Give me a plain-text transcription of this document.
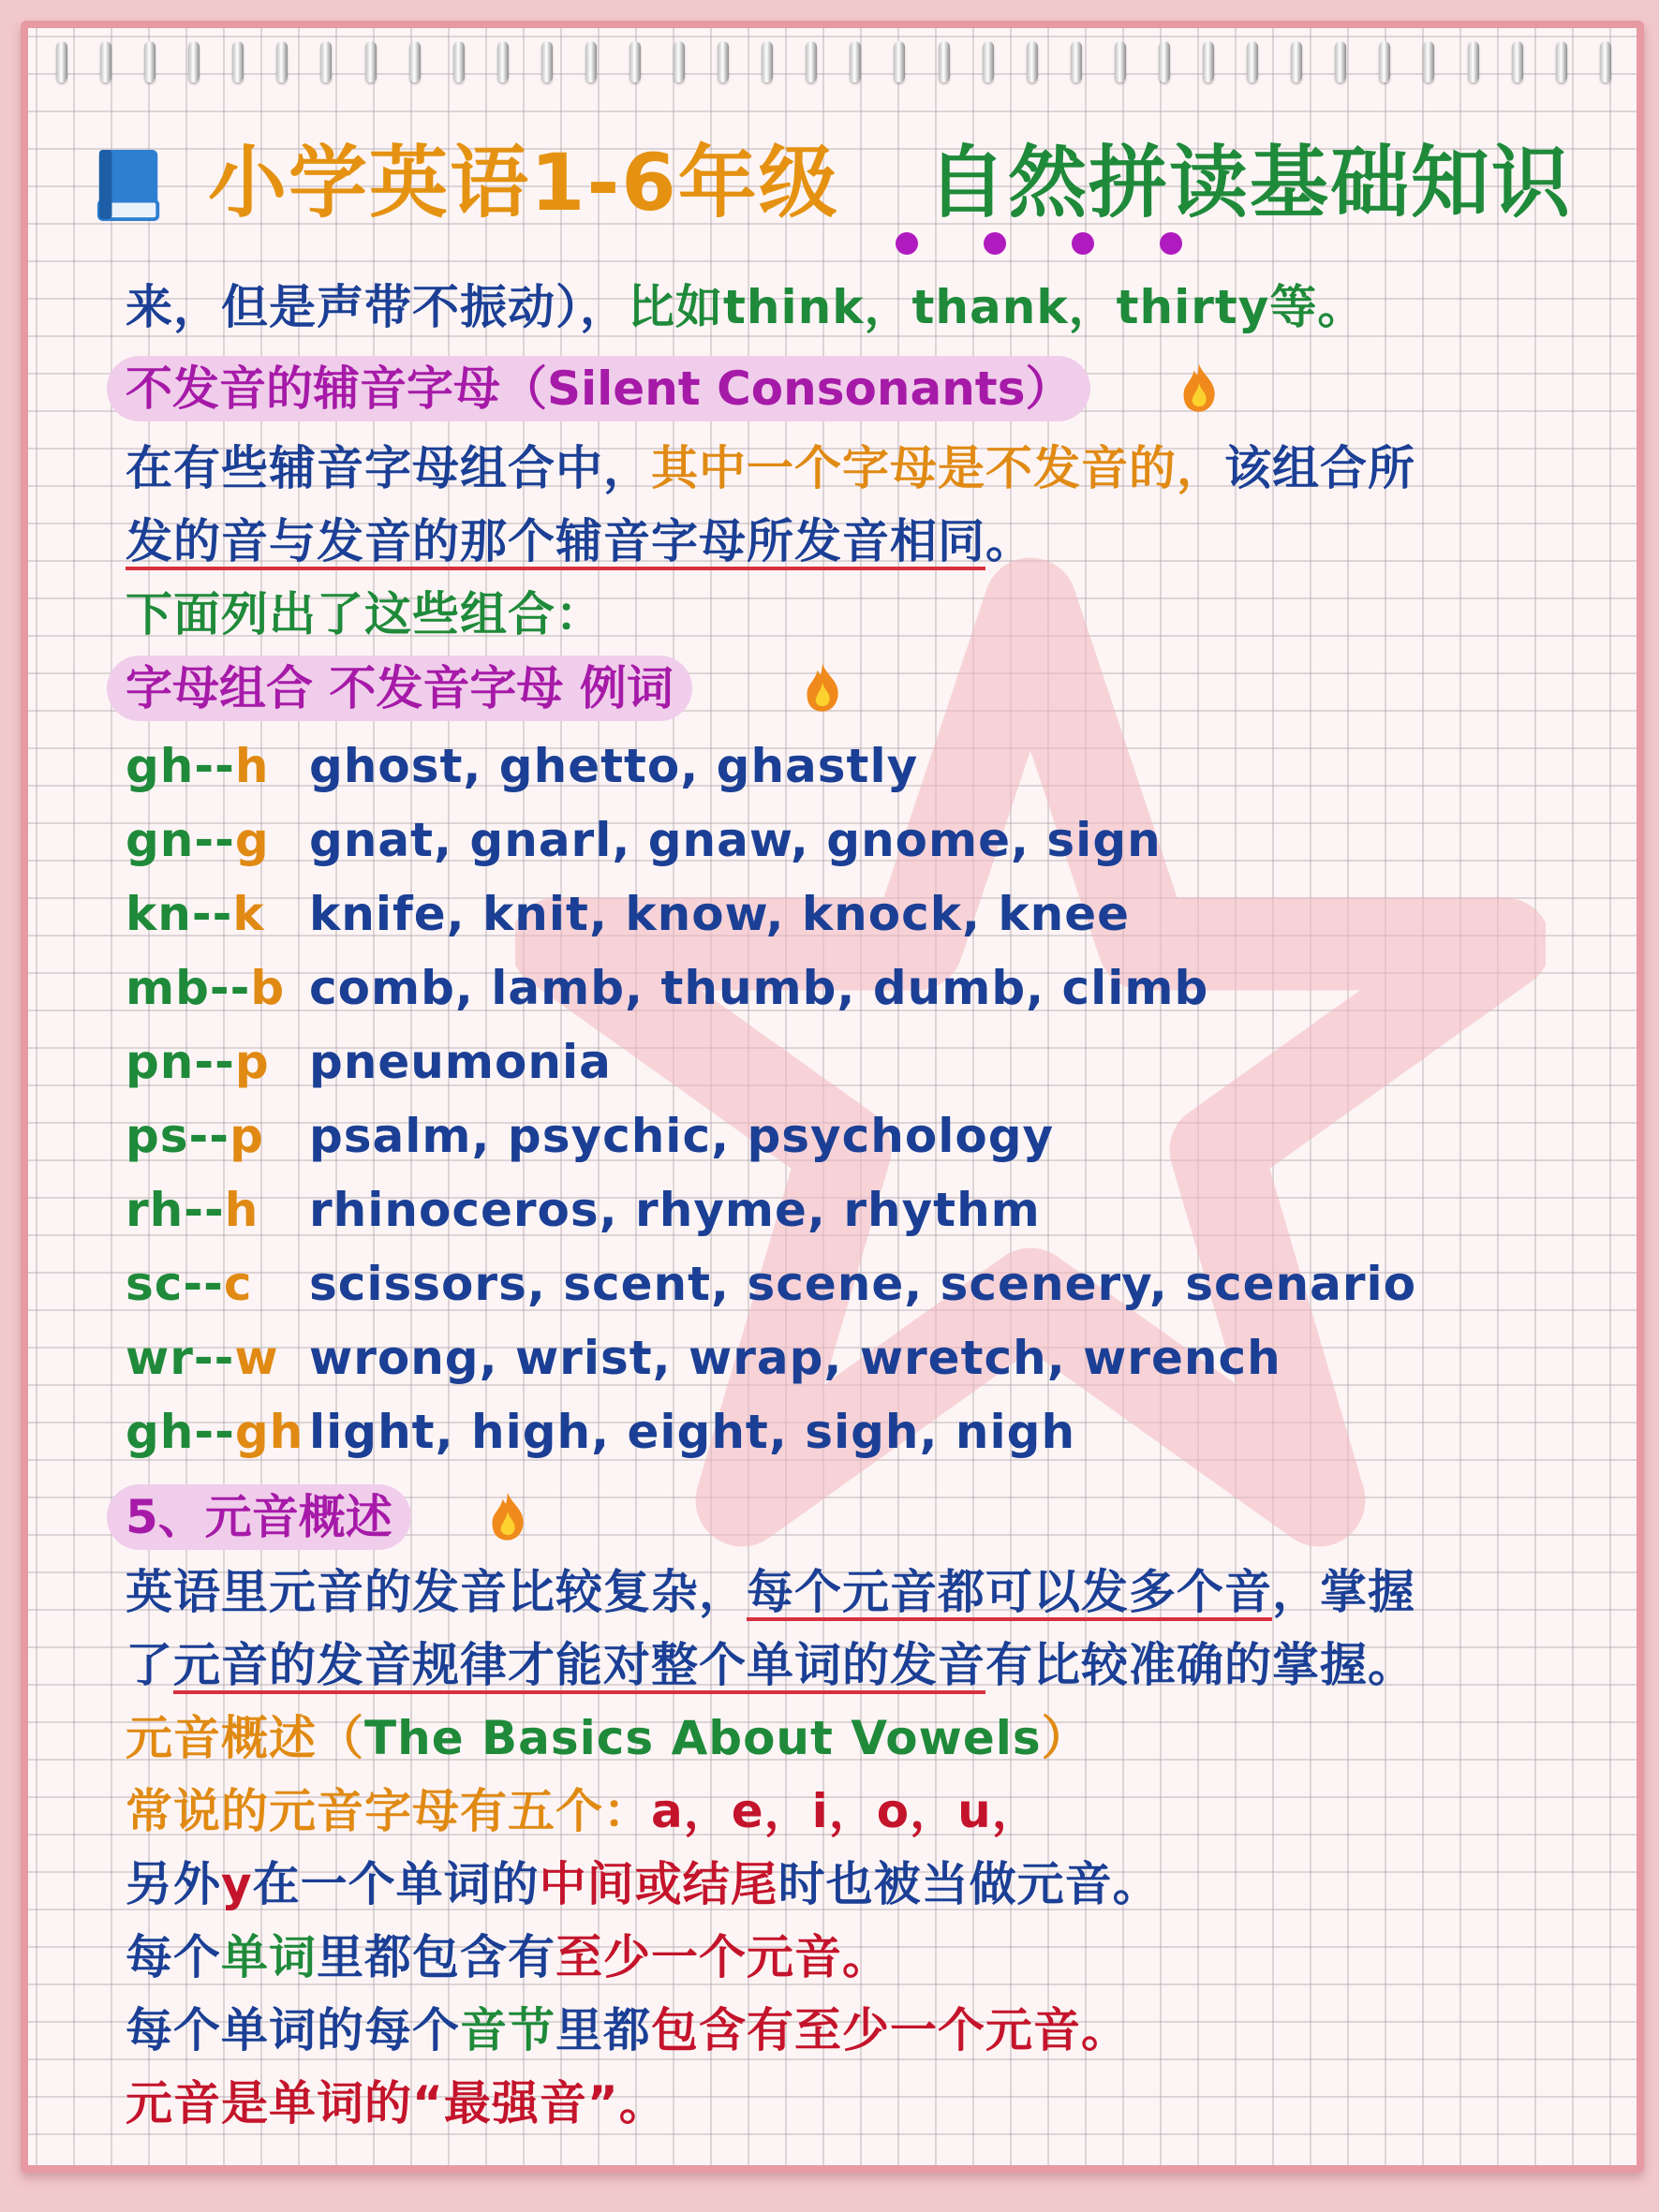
小学英语1-6年级 自然拼读基础知识
来，但是声带不振动），比如think，thank，thirty等。
不发音的辅音字母（Silent Consonants）
在有些辅音字母组合中，其中一个字母是不发音的，该组合所
发的音与发音的那个辅音字母所发音相同。
下面列出了这些组合：
字母组合 不发音字母 例词
gh--h ghost, ghetto, ghastly
gn--g gnat, gnarl, gnaw, gnome, sign
kn--k knife, knit, know, knock, knee
mb--b comb, lamb, thumb, dumb, climb
pn--p pneumonia
ps--p psalm, psychic, psychology
rh--h rhinoceros, rhyme, rhythm
sc--c scissors, scent, scene, scenery, scenario
wr--w wrong, wrist, wrap, wretch, wrench
gh--gh light, high, eight, sigh, nigh
5、元音概述
英语里元音的发音比较复杂，每个元音都可以发多个音，掌握
了元音的发音规律才能对整个单词的发音有比较准确的掌握。
元音概述（The Basics About Vowels）
常说的元音字母有五个：a，e，i，o，u，
另外y在一个单词的中间或结尾时也被当做元音。
每个单词里都包含有至少一个元音。
每个单词的每个音节里都包含有至少一个元音。
元音是单词的“最强音”。
